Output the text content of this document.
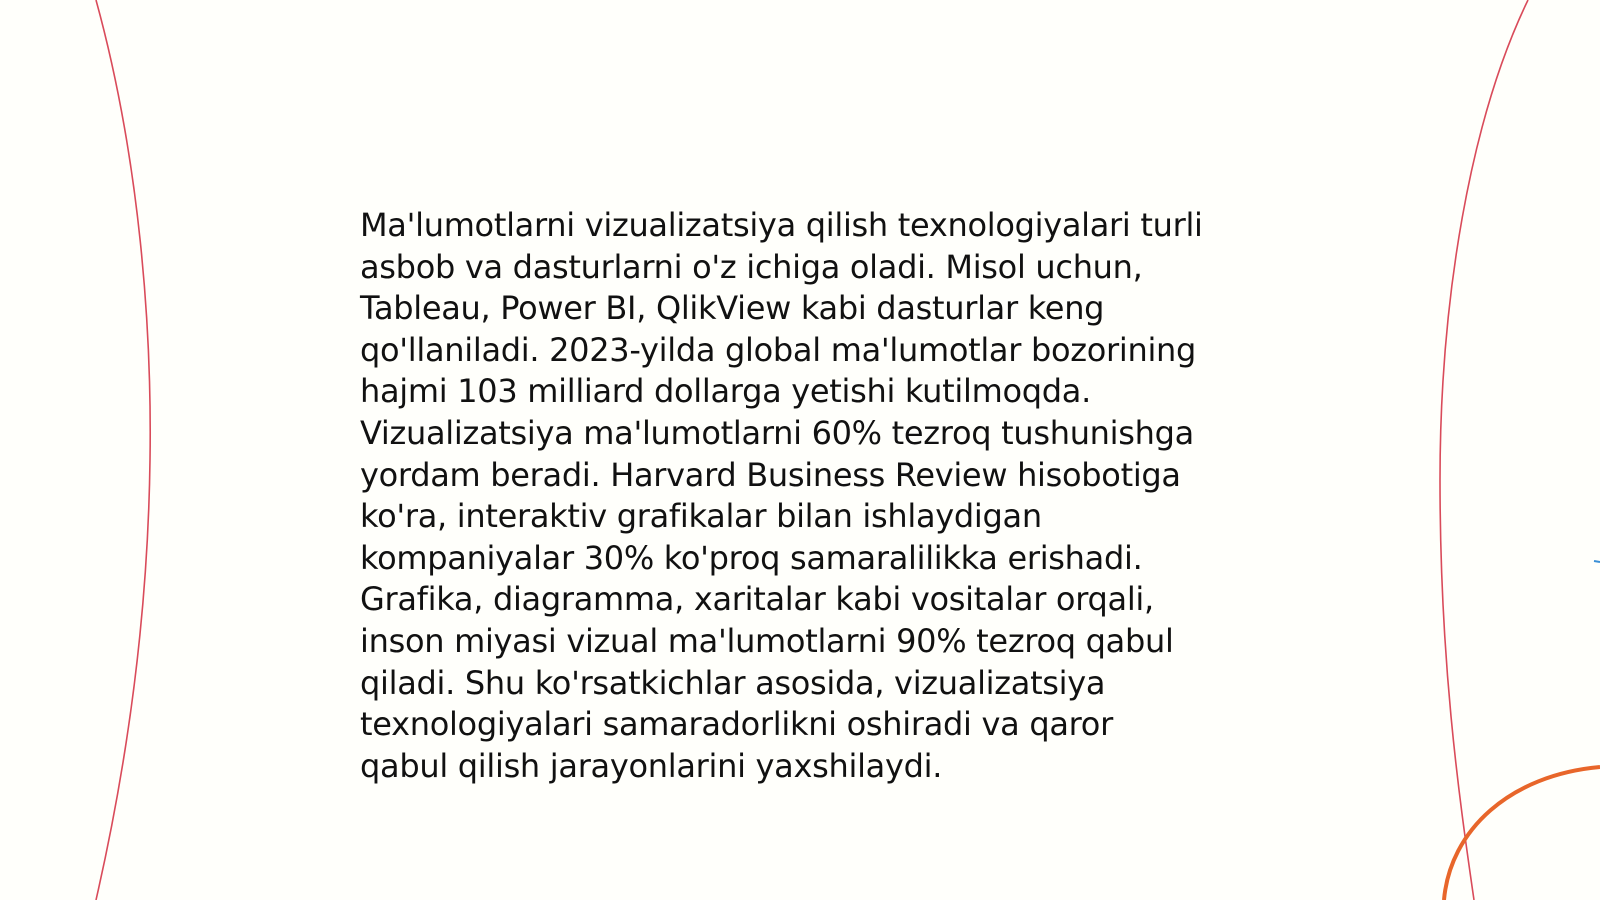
Ma'lumotlarni vizualizatsiya qilish texnologiyalari turli
asbob va dasturlarni o'z ichiga oladi. Misol uchun,
Tableau, Power BI, QlikView kabi dasturlar keng
qo'llaniladi. 2023-yilda global ma'lumotlar bozorining
hajmi 103 milliard dollarga yetishi kutilmoqda.
Vizualizatsiya ma'lumotlarni 60% tezroq tushunishga
yordam beradi. Harvard Business Review hisobotiga
ko'ra, interaktiv grafikalar bilan ishlaydigan
kompaniyalar 30% ko'proq samaralilikka erishadi.
Grafika, diagramma, xaritalar kabi vositalar orqali,
inson miyasi vizual ma'lumotlarni 90% tezroq qabul
qiladi. Shu ko'rsatkichlar asosida, vizualizatsiya
texnologiyalari samaradorlikni oshiradi va qaror
qabul qilish jarayonlarini yaxshilaydi.
